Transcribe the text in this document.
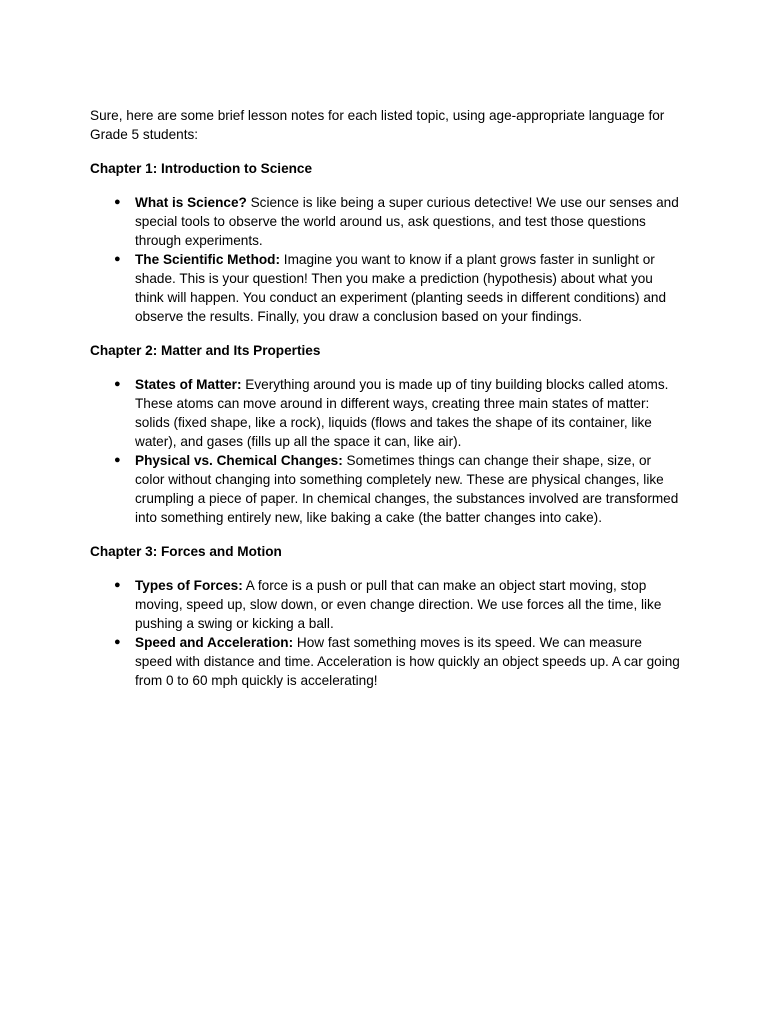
Sure, here are some brief lesson notes for each listed topic, using age-appropriate language for Grade 5 students:

Chapter 1: Introduction to Science
● What is Science? Science is like being a super curious detective! We use our senses and special tools to observe the world around us, ask questions, and test those questions through experiments.
● The Scientific Method: Imagine you want to know if a plant grows faster in sunlight or shade. This is your question! Then you make a prediction (hypothesis) about what you think will happen. You conduct an experiment (planting seeds in different conditions) and observe the results. Finally, you draw a conclusion based on your findings.
Chapter 2: Matter and Its Properties
● States of Matter: Everything around you is made up of tiny building blocks called atoms. These atoms can move around in different ways, creating three main states of matter: solids (fixed shape, like a rock), liquids (flows and takes the shape of its container, like water), and gases (fills up all the space it can, like air).
● Physical vs. Chemical Changes: Sometimes things can change their shape, size, or color without changing into something completely new. These are physical changes, like crumpling a piece of paper. In chemical changes, the substances involved are transformed into something entirely new, like baking a cake (the batter changes into cake).
Chapter 3: Forces and Motion
● Types of Forces: A force is a push or pull that can make an object start moving, stop moving, speed up, slow down, or even change direction. We use forces all the time, like pushing a swing or kicking a ball.
● Speed and Acceleration: How fast something moves is its speed. We can measure speed with distance and time. Acceleration is how quickly an object speeds up. A car going from 0 to 60 mph quickly is accelerating!
